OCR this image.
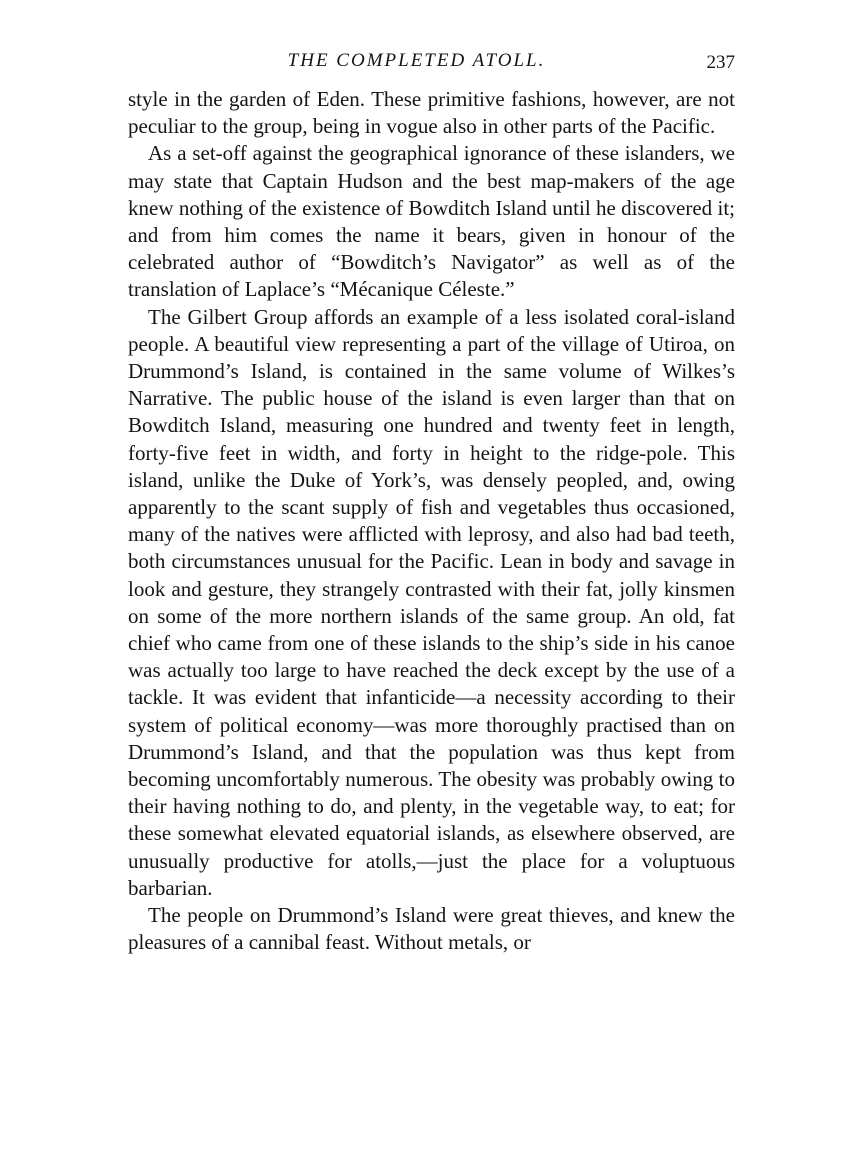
THE COMPLETED ATOLL.	237

style in the garden of Eden. These primitive fashions, however, are not peculiar to the group, being in vogue also in other parts of the Pacific.

As a set-off against the geographical ignorance of these islanders, we may state that Captain Hudson and the best map-makers of the age knew nothing of the existence of Bowditch Island until he discovered it; and from him comes the name it bears, given in honour of the celebrated author of “Bowditch’s Navigator” as well as of the translation of Laplace’s “Mécanique Céleste.”

The Gilbert Group affords an example of a less isolated coral-island people. A beautiful view representing a part of the village of Utiroa, on Drummond’s Island, is contained in the same volume of Wilkes’s Narrative. The public house of the island is even larger than that on Bowditch Island, measuring one hundred and twenty feet in length, forty-five feet in width, and forty in height to the ridge-pole. This island, unlike the Duke of York’s, was densely peopled, and, owing apparently to the scant supply of fish and vegetables thus occasioned, many of the natives were afflicted with leprosy, and also had bad teeth, both circumstances unusual for the Pacific. Lean in body and savage in look and gesture, they strangely contrasted with their fat, jolly kinsmen on some of the more northern islands of the same group. An old, fat chief who came from one of these islands to the ship’s side in his canoe was actually too large to have reached the deck except by the use of a tackle. It was evident that infanticide—a necessity according to their system of political economy—was more thoroughly practised than on Drummond’s Island, and that the population was thus kept from becoming uncomfortably numerous. The obesity was probably owing to their having nothing to do, and plenty, in the vegetable way, to eat; for these somewhat elevated equatorial islands, as elsewhere observed, are unusually productive for atolls,—just the place for a voluptuous barbarian.

The people on Drummond’s Island were great thieves, and knew the pleasures of a cannibal feast. Without metals, or
